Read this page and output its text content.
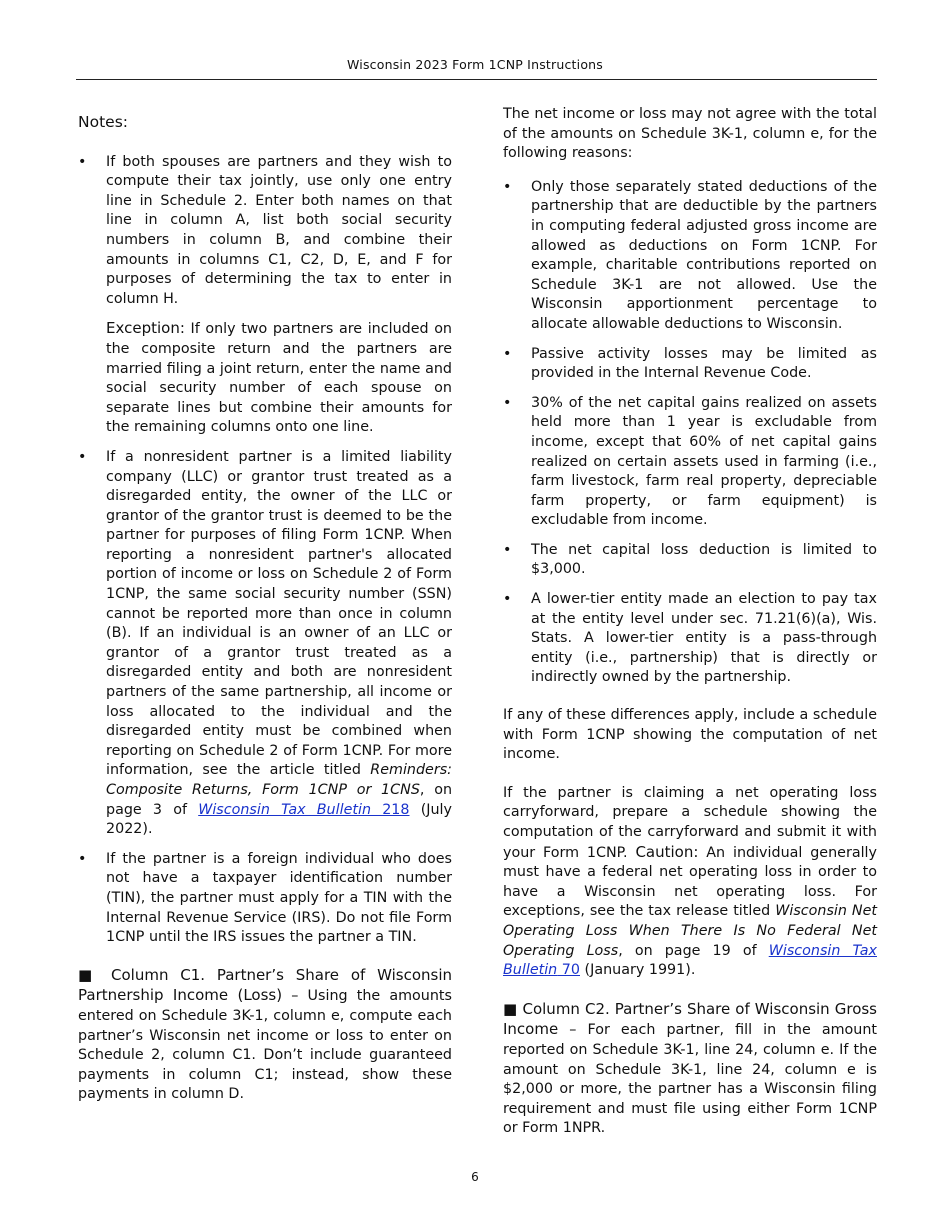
Wisconsin 2023 Form 1CNP Instructions

Notes:

• If both spouses are partners and they wish to compute their tax jointly, use only one entry line in Schedule 2. Enter both names on that line in column A, list both social security numbers in column B, and combine their amounts in columns C1, C2, D, E, and F for purposes of determining the tax to enter in column H.

Exception: If only two partners are included on the composite return and the partners are married filing a joint return, enter the name and social security number of each spouse on separate lines but combine their amounts for the remaining columns onto one line.

• If a nonresident partner is a limited liability company (LLC) or grantor trust treated as a disregarded entity, the owner of the LLC or grantor of the grantor trust is deemed to be the partner for purposes of filing Form 1CNP. When reporting a nonresident partner's allocated portion of income or loss on Schedule 2 of Form 1CNP, the same social security number (SSN) cannot be reported more than once in column (B). If an individual is an owner of an LLC or grantor of a grantor trust treated as a disregarded entity and both are nonresident partners of the same partnership, all income or loss allocated to the individual and the disregarded entity must be combined when reporting on Schedule 2 of Form 1CNP. For more information, see the article titled Reminders: Composite Returns, Form 1CNP or 1CNS, on page 3 of Wisconsin Tax Bulletin 218 (July 2022).
• If the partner is a foreign individual who does not have a taxpayer identification number (TIN), the partner must apply for a TIN with the Internal Revenue Service (IRS). Do not file Form 1CNP until the IRS issues the partner a TIN.

■ Column C1. Partner’s Share of Wisconsin Partnership Income (Loss) – Using the amounts entered on Schedule 3K-1, column e, compute each partner’s Wisconsin net income or loss to enter on Schedule 2, column C1. Don’t include guaranteed payments in column C1; instead, show these payments in column D.

The net income or loss may not agree with the total of the amounts on Schedule 3K-1, column e, for the following reasons:

• Only those separately stated deductions of the partnership that are deductible by the partners in computing federal adjusted gross income are allowed as deductions on Form 1CNP. For example, charitable contributions reported on Schedule 3K-1 are not allowed. Use the Wisconsin apportionment percentage to allocate allowable deductions to Wisconsin.
• Passive activity losses may be limited as provided in the Internal Revenue Code.
• 30% of the net capital gains realized on assets held more than 1 year is excludable from income, except that 60% of net capital gains realized on certain assets used in farming (i.e., farm livestock, farm real property, depreciable farm property, or farm equipment) is excludable from income.
• The net capital loss deduction is limited to $3,000.
• A lower-tier entity made an election to pay tax at the entity level under sec. 71.21(6)(a), Wis. Stats. A lower-tier entity is a pass-through entity (i.e., partnership) that is directly or indirectly owned by the partnership.

If any of these differences apply, include a schedule with Form 1CNP showing the computation of net income.

If the partner is claiming a net operating loss carryforward, prepare a schedule showing the computation of the carryforward and submit it with your Form 1CNP. Caution: An individual generally must have a federal net operating loss in order to have a Wisconsin net operating loss. For exceptions, see the tax release titled Wisconsin Net Operating Loss When There Is No Federal Net Operating Loss, on page 19 of Wisconsin Tax Bulletin 70 (January 1991).

■ Column C2. Partner’s Share of Wisconsin Gross Income – For each partner, fill in the amount reported on Schedule 3K-1, line 24, column e. If the amount on Schedule 3K-1, line 24, column e is $2,000 or more, the partner has a Wisconsin filing requirement and must file using either Form 1CNP or Form 1NPR.

6
